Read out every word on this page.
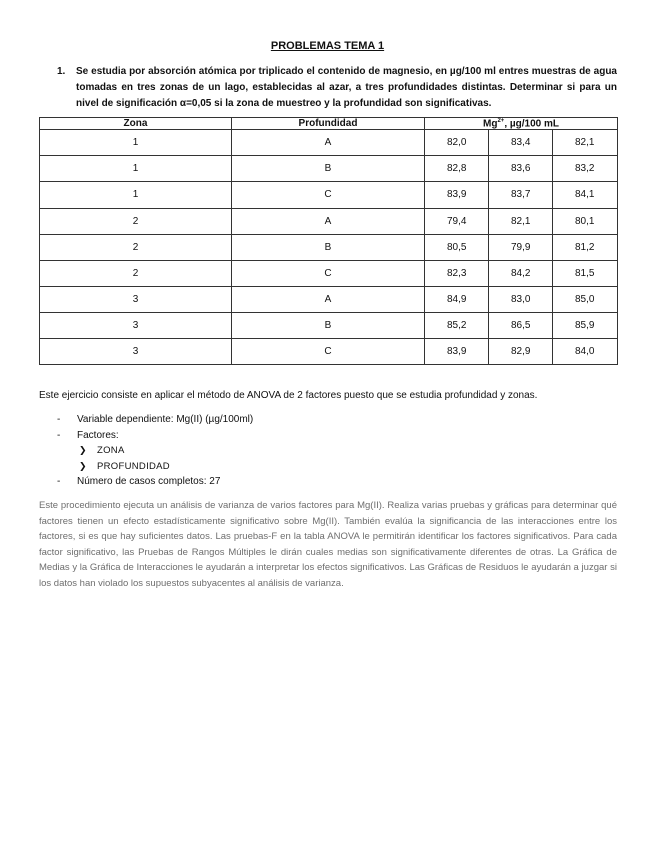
PROBLEMAS TEMA 1
1. Se estudia por absorción atómica por triplicado el contenido de magnesio, en µg/100 ml entres muestras de agua tomadas en tres zonas de un lago, establecidas al azar, a tres profundidades distintas. Determinar si para un nivel de significación α=0,05 si la zona de muestreo y la profundidad son significativas.
Zona	Profundidad	$Mg^{2+}$, µg/100 mL		
1	A	82,0	83,4	82,1
1	B	82,8	83,6	83,2
1	C	83,9	83,7	84,1
2	A	79,4	82,1	80,1
2	B	80,5	79,9	81,2
2	C	82,3	84,2	81,5
3	A	84,9	83,0	85,0
3	B	85,2	86,5	85,9
3	C	83,9	82,9	84,0
Este ejercicio consiste en aplicar el método de ANOVA de 2 factores puesto que se estudia profundidad y zonas.
- Variable dependiente: Mg(II) (µg/100ml)
- Factores:
❯ ZONA
❯ PROFUNDIDAD
- Número de casos completos: 27
Este procedimiento ejecuta un análisis de varianza de varios factores para Mg(II). Realiza varias pruebas y gráficas para determinar qué factores tienen un efecto estadísticamente significativo sobre Mg(II). También evalúa la significancia de las interacciones entre los factores, si es que hay suficientes datos. Las pruebas-F en la tabla ANOVA le permitirán identificar los factores significativos. Para cada factor significativo, las Pruebas de Rangos Múltiples le dirán cuales medias son significativamente diferentes de otras. La Gráfica de Medias y la Gráfica de Interacciones le ayudarán a interpretar los efectos significativos. Las Gráficas de Residuos le ayudarán a juzgar si los datos han violado los supuestos subyacentes al análisis de varianza.
